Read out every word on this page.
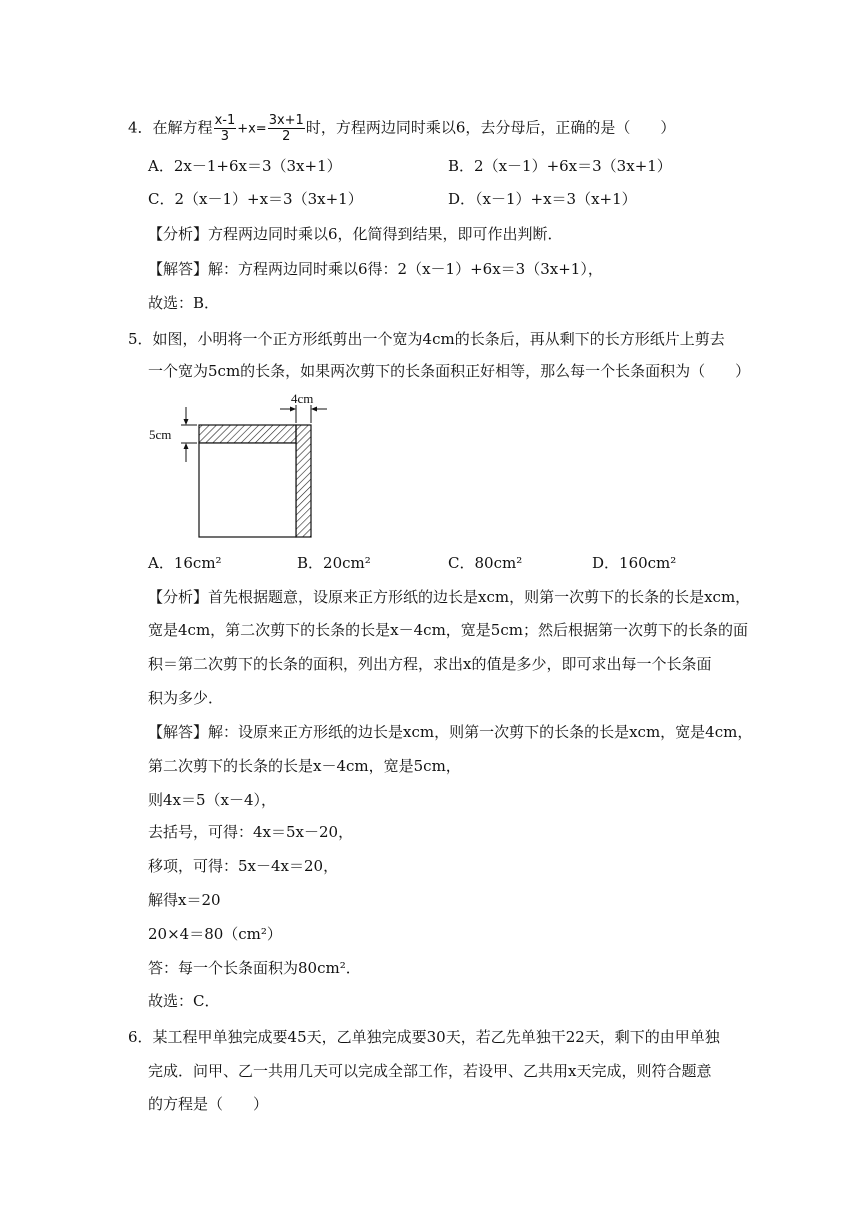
4．在解方程 $\frac{x-1}{3} +x= \frac{3x+1}{2}$ 时，方程两边同时乘以6，去分母后，正确的是（　　）
A．2x－1+6x＝3（3x+1）	B．2（x－1）+6x＝3（3x+1）
C．2（x－1）+x＝3（3x+1）	D．（x－1）+x＝3（x+1）
【分析】方程两边同时乘以6，化简得到结果，即可作出判断．
【解答】解：方程两边同时乘以6得：2（x－1）+6x＝3（3x+1），
故选：B．
5．如图，小明将一个正方形纸剪出一个宽为4cm的长条后，再从剩下的长方形纸片上剪去
一个宽为5cm的长条，如果两次剪下的长条面积正好相等，那么每一个长条面积为（　　）
4cm
5cm
A．16cm²	B．20cm²	C．80cm²	D．160cm²
【分析】首先根据题意，设原来正方形纸的边长是xcm，则第一次剪下的长条的长是xcm，
宽是4cm，第二次剪下的长条的长是x－4cm，宽是5cm；然后根据第一次剪下的长条的面
积＝第二次剪下的长条的面积，列出方程，求出x的值是多少，即可求出每一个长条面
积为多少．
【解答】解：设原来正方形纸的边长是xcm，则第一次剪下的长条的长是xcm，宽是4cm，
第二次剪下的长条的长是x－4cm，宽是5cm，
则4x＝5（x－4），
去括号，可得：4x＝5x－20，
移项，可得：5x－4x＝20，
解得x＝20
20×4＝80（cm²）
答：每一个长条面积为80cm²．
故选：C．
6．某工程甲单独完成要45天，乙单独完成要30天，若乙先单独干22天，剩下的由甲单独
完成．问甲、乙一共用几天可以完成全部工作，若设甲、乙共用x天完成，则符合题意
的方程是（　　）
